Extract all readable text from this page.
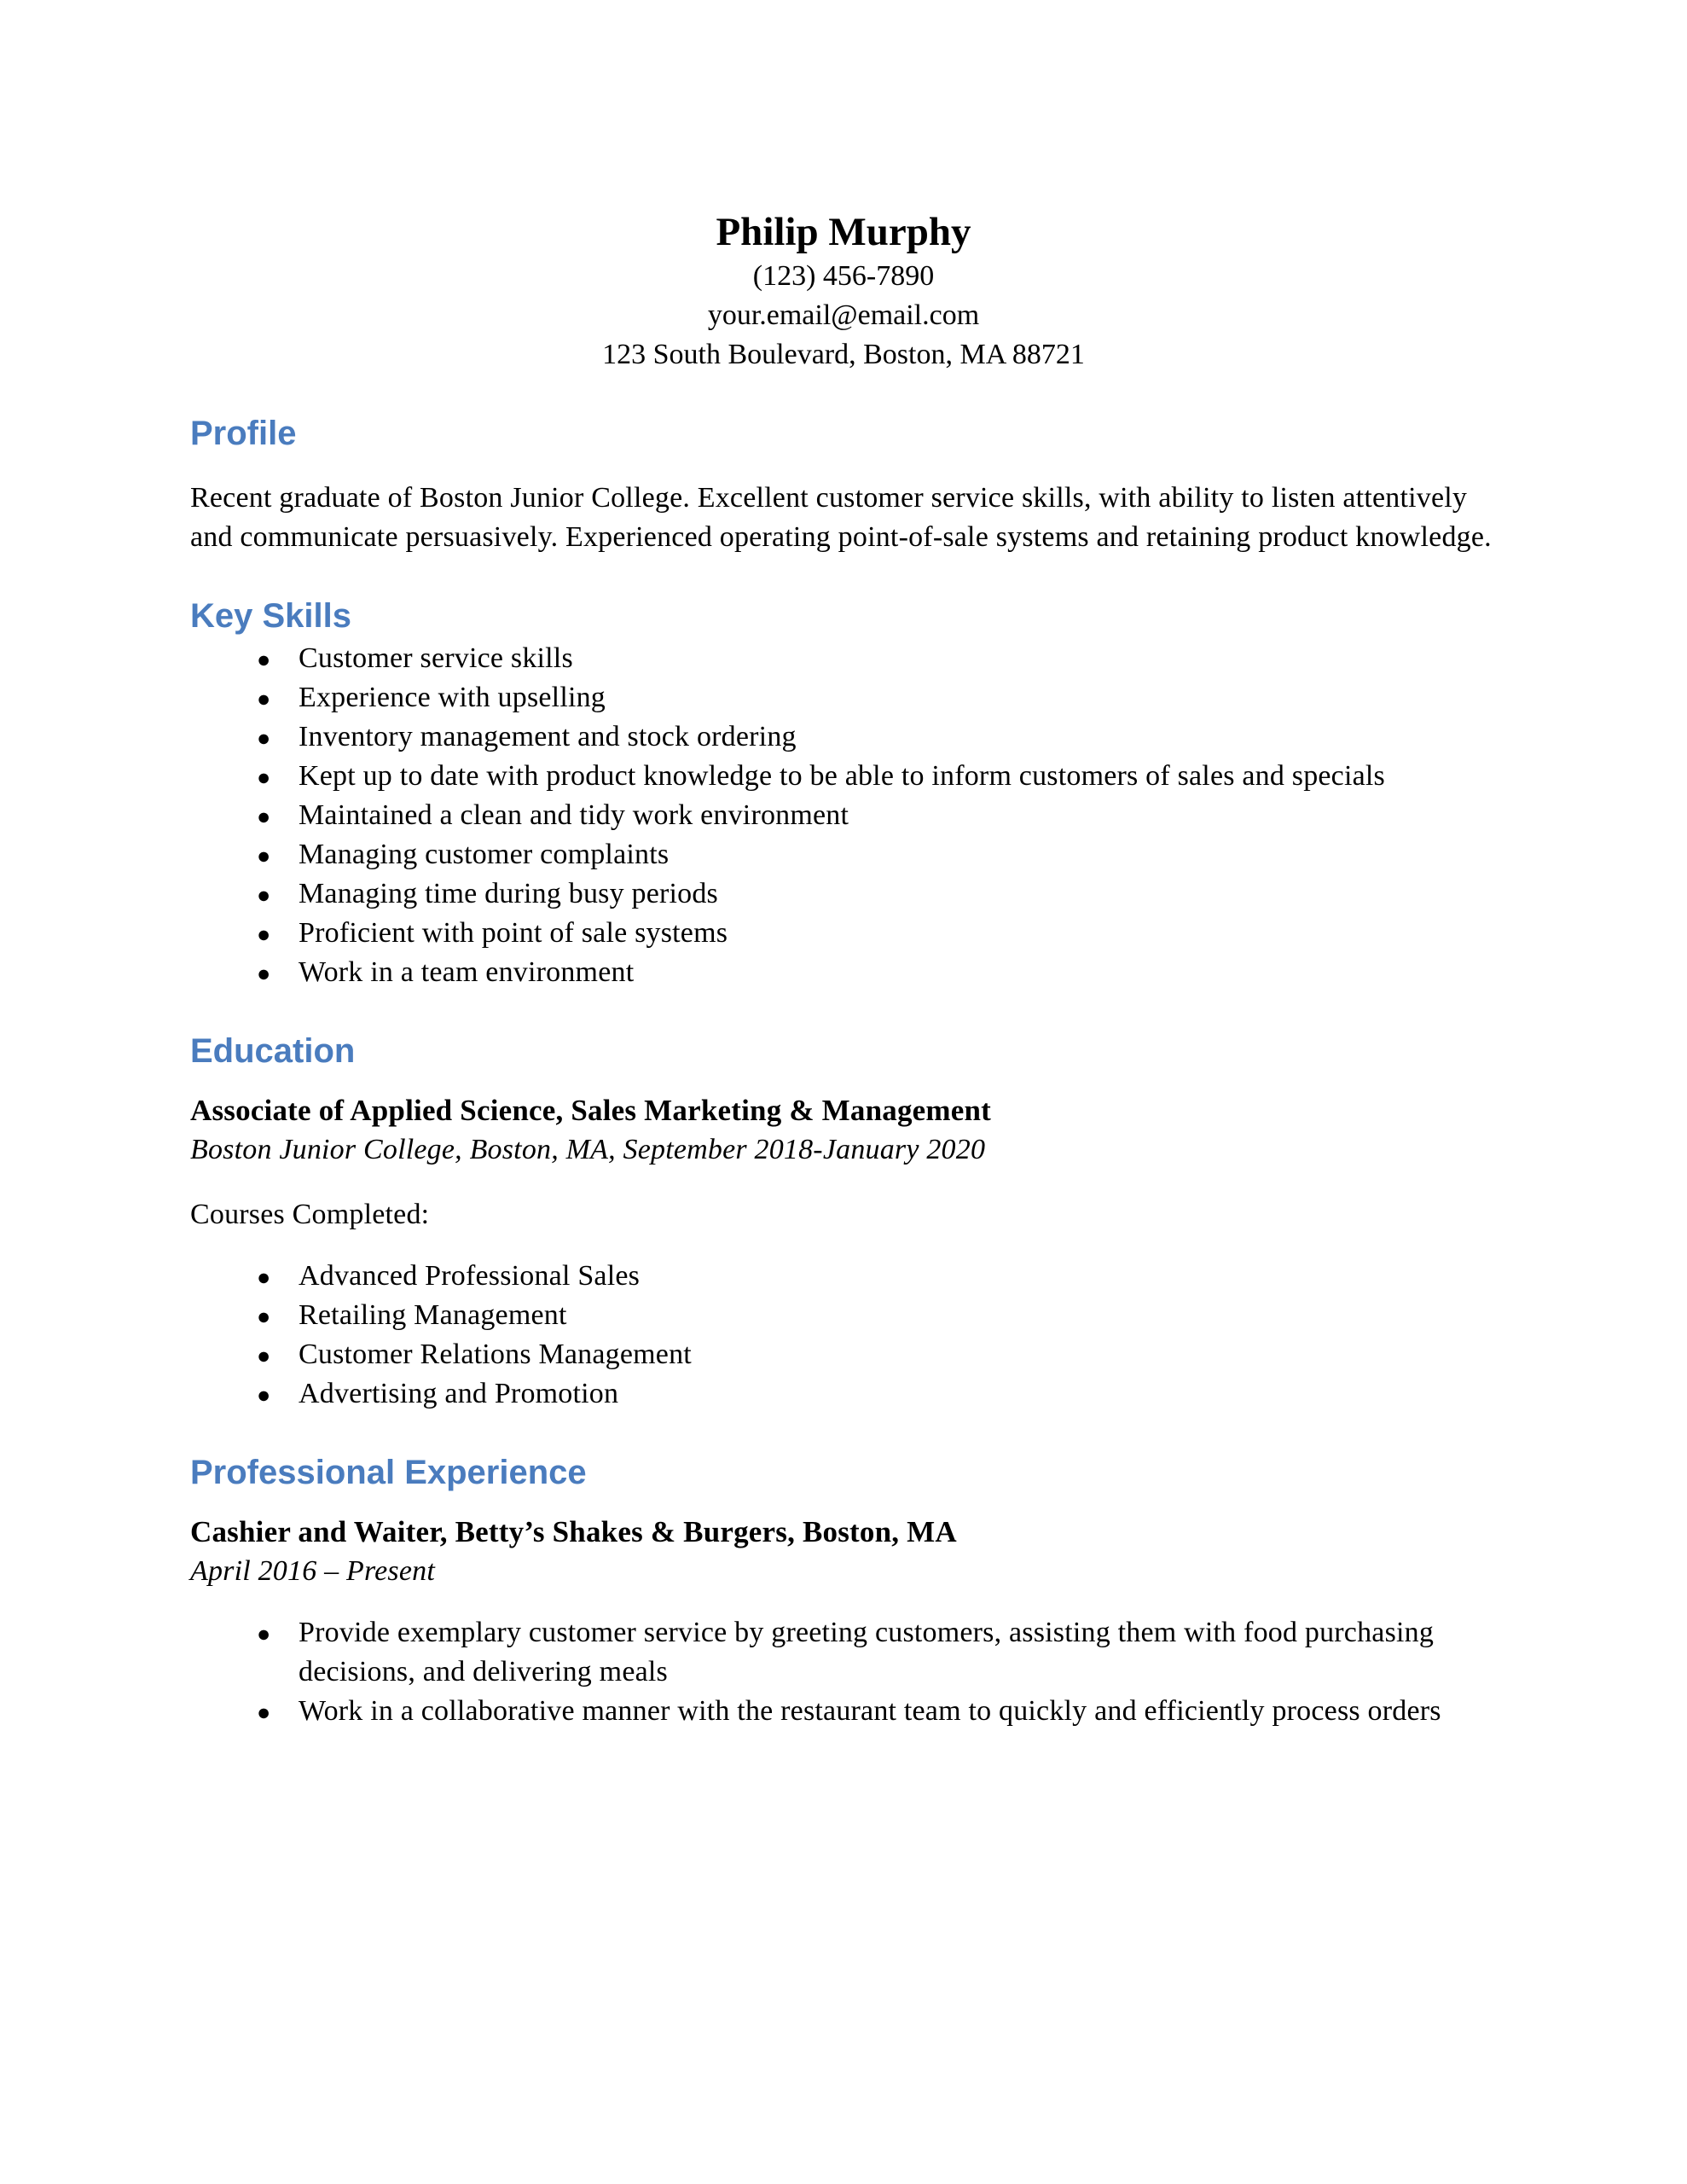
Philip Murphy
(123) 456-7890
your.email@email.com
123 South Boulevard, Boston, MA 88721
Profile

Recent graduate of Boston Junior College. Excellent customer service skills, with ability to listen attentively and communicate persuasively. Experienced operating point-of-sale systems and retaining product knowledge.

Key Skills
● Customer service skills
● Experience with upselling
● Inventory management and stock ordering
● Kept up to date with product knowledge to be able to inform customers of sales and specials
● Maintained a clean and tidy work environment
● Managing customer complaints
● Managing time during busy periods
● Proficient with point of sale systems
● Work in a team environment
Education

Associate of Applied Science, Sales Marketing & Management

Boston Junior College, Boston, MA, September 2018-January 2020

Courses Completed:

● Advanced Professional Sales
● Retailing Management
● Customer Relations Management
● Advertising and Promotion
Professional Experience

Cashier and Waiter, Betty’s Shakes & Burgers, Boston, MA

April 2016 – Present

● Provide exemplary customer service by greeting customers, assisting them with food purchasing decisions, and delivering meals
● Work in a collaborative manner with the restaurant team to quickly and efficiently process orders
